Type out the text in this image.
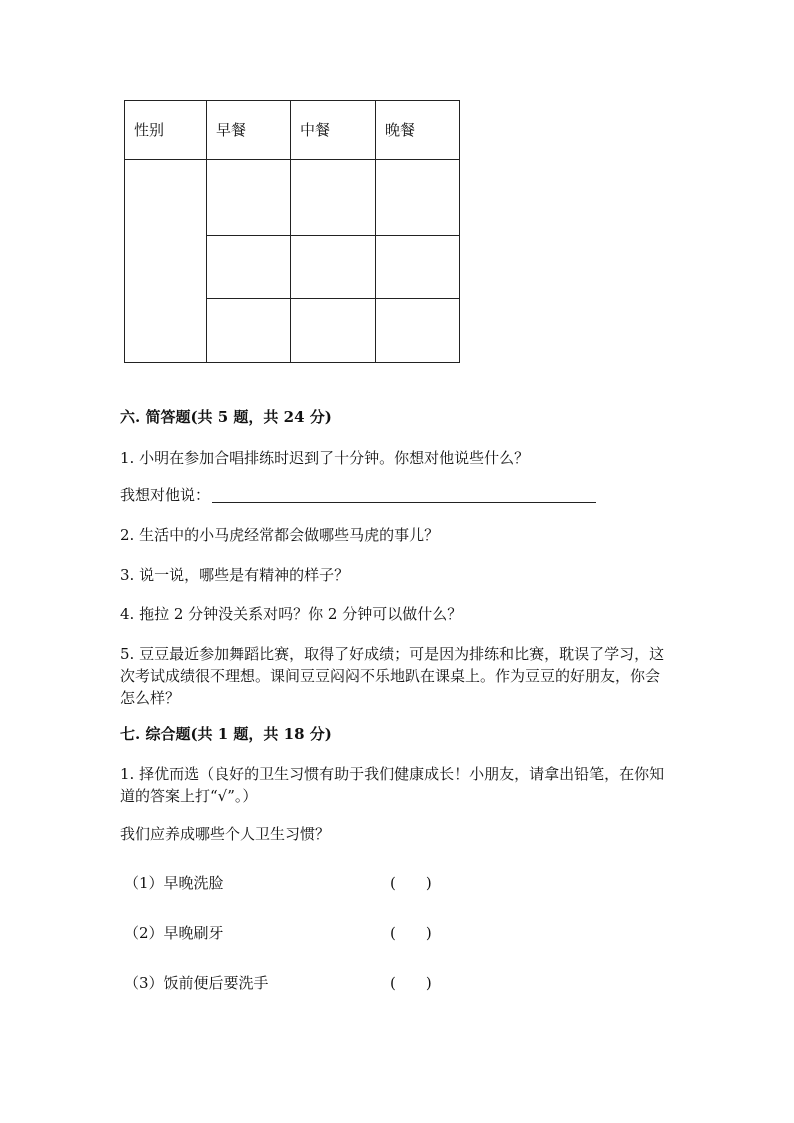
性别	早餐	中餐	晚餐

六. 简答题(共 5 题，共 24 分)
1. 小明在参加合唱排练时迟到了十分钟。你想对他说些什么？
我想对他说：
2. 生活中的小马虎经常都会做哪些马虎的事儿？
3. 说一说，哪些是有精神的样子？
4. 拖拉 2 分钟没关系对吗？你 2 分钟可以做什么？
5. 豆豆最近参加舞蹈比赛，取得了好成绩；可是因为排练和比赛，耽误了学习，这次考试成绩很不理想。课间豆豆闷闷不乐地趴在课桌上。作为豆豆的好朋友，你会怎么样？
七. 综合题(共 1 题，共 18 分)
1. 择优而选（良好的卫生习惯有助于我们健康成长！小朋友，请拿出铅笔，在你知道的答案上打“√”。）
我们应养成哪些个人卫生习惯？
（1）早晚洗脸	(　　)
（2）早晚刷牙	(　　)
（3）饭前便后要洗手	(　　)
